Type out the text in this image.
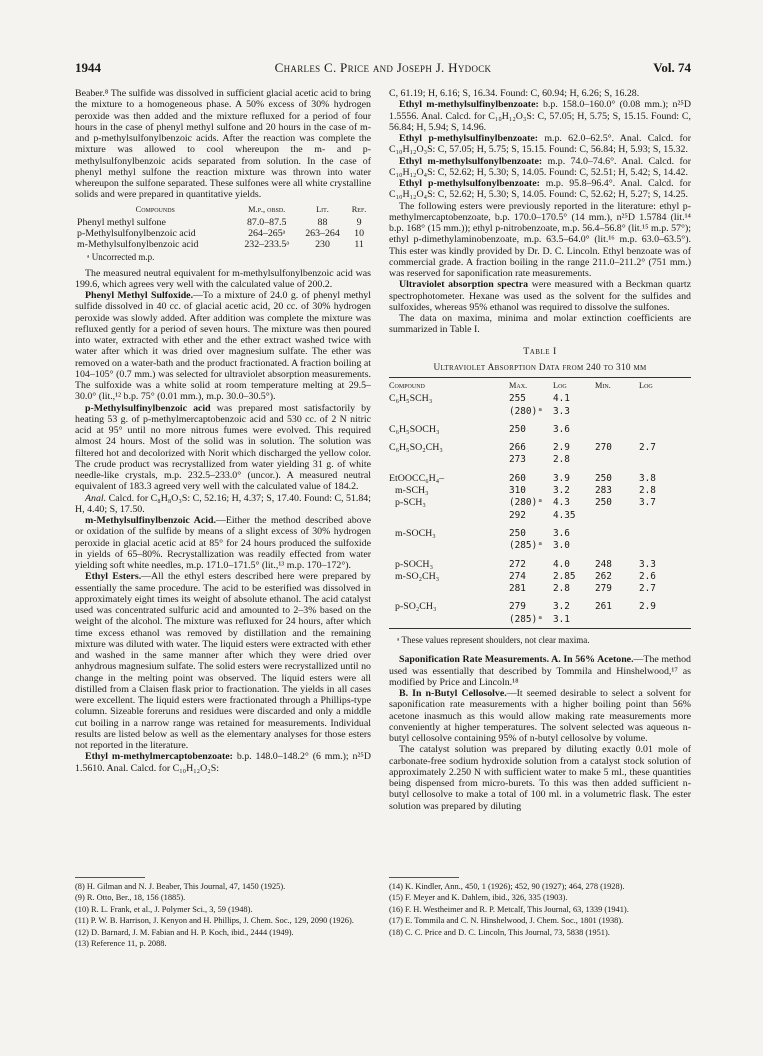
1944	Charles C. Price and Joseph J. Hydock	Vol. 74

Beaber.⁸ The sulfide was dissolved in sufficient glacial acetic acid to bring the mixture to a homogeneous phase. A 50% excess of 30% hydrogen peroxide was then added and the mixture refluxed for a period of four hours in the case of phenyl methyl sulfone and 20 hours in the case of m- and p-methylsulfonylbenzoic acids. After the reaction was complete the mixture was allowed to cool whereupon the m- and p-methylsulfonylbenzoic acids separated from solution. In the case of phenyl methyl sulfone the reaction mixture was thrown into water whereupon the sulfone separated. These sulfones were all white crystalline solids and were prepared in quantitative yields.

Compounds	M.p., obsd.	Lit.	Ref.
Phenyl methyl sulfone	87.0–87.5	88	9
p-Methylsulfonylbenzoic acid	264–265ᵃ	263–264	10
m-Methylsulfonylbenzoic acid	232–233.5ᵃ	230	11
ᵃ Uncorrected m.p.

The measured neutral equivalent for m-methylsulfonylbenzoic acid was 199.6, which agrees very well with the calculated value of 200.2.

Phenyl Methyl Sulfoxide.—To a mixture of 24.0 g. of phenyl methyl sulfide dissolved in 40 cc. of glacial acetic acid, 20 cc. of 30% hydrogen peroxide was slowly added. After addition was complete the mixture was refluxed gently for a period of seven hours. The mixture was then poured into water, extracted with ether and the ether extract washed twice with water after which it was dried over magnesium sulfate. The ether was removed on a water-bath and the product fractionated. A fraction boiling at 104–105° (0.7 mm.) was selected for ultraviolet absorption measurements. The sulfoxide was a white solid at room temperature melting at 29.5–30.0° (lit.,¹² b.p. 75° (0.01 mm.), m.p. 30.0–30.5°).

p-Methylsulfinylbenzoic acid was prepared most satisfactorily by heating 53 g. of p-methylmercaptobenzoic acid and 530 cc. of 2 N nitric acid at 95° until no more nitrous fumes were evolved. This required almost 24 hours. Most of the solid was in solution. The solution was filtered hot and decolorized with Norit which discharged the yellow color. The crude product was recrystallized from water yielding 31 g. of white needle-like crystals, m.p. 232.5–233.0° (uncor.). A measured neutral equivalent of 183.3 agreed very well with the calculated value of 184.2.

Anal. Calcd. for C₈H₈O₃S: C, 52.16; H, 4.37; S, 17.40. Found: C, 51.84; H, 4.40; S, 17.50.

m-Methylsulfinylbenzoic Acid.—Either the method described above or oxidation of the sulfide by means of a slight excess of 30% hydrogen peroxide in glacial acetic acid at 85° for 24 hours produced the sulfoxide in yields of 65–80%. Recrystallization was readily effected from water yielding soft white needles, m.p. 171.0–171.5° (lit.,¹³ m.p. 170–172°).

Ethyl Esters.—All the ethyl esters described here were prepared by essentially the same procedure. The acid to be esterified was dissolved in approximately eight times its weight of absolute ethanol. The acid catalyst used was concentrated sulfuric acid and amounted to 2–3% based on the weight of the alcohol. The mixture was refluxed for 24 hours, after which time excess ethanol was removed by distillation and the remaining mixture was diluted with water. The liquid esters were extracted with ether and washed in the same manner after which they were dried over anhydrous magnesium sulfate. The solid esters were recrystallized until no change in the melting point was observed. The liquid esters were all distilled from a Claisen flask prior to fractionation. The yields in all cases were excellent. The liquid esters were fractionated through a Phillips-type column. Sizeable foreruns and residues were discarded and only a middle cut boiling in a narrow range was retained for measurements. Individual results are listed below as well as the elementary analyses for those esters not reported in the literature.

Ethyl m-methylmercaptobenzoate: b.p. 148.0–148.2° (6 mm.); n²⁵D 1.5610. Anal. Calcd. for C₁₀H₁₂O₂S:

C, 61.19; H, 6.16; S, 16.34. Found: C, 60.94; H, 6.26; S, 16.28.

Ethyl m-methylsulfinylbenzoate: b.p. 158.0–160.0° (0.08 mm.); n²⁵D 1.5556. Anal. Calcd. for C₁₀H₁₂O₃S: C, 57.05; H, 5.75; S, 15.15. Found: C, 56.84; H, 5.94; S, 14.96.

Ethyl p-methylsulfinylbenzoate: m.p. 62.0–62.5°. Anal. Calcd. for C₁₀H₁₂O₃S: C, 57.05; H, 5.75; S, 15.15. Found: C, 56.84; H, 5.93; S, 15.32.

Ethyl m-methylsulfonylbenzoate: m.p. 74.0–74.6°. Anal. Calcd. for C₁₀H₁₂O₄S: C, 52.62; H, 5.30; S, 14.05. Found: C, 52.51; H, 5.42; S, 14.42.

Ethyl p-methylsulfonylbenzoate: m.p. 95.8–96.4°. Anal. Calcd. for C₁₀H₁₂O₄S: C, 52.62; H, 5.30; S, 14.05. Found: C, 52.62; H, 5.27; S, 14.25.

The following esters were previously reported in the literature: ethyl p-methylmercaptobenzoate, b.p. 170.0–170.5° (14 mm.), n²⁵D 1.5784 (lit.¹⁴ b.p. 168° (15 mm.)); ethyl p-nitrobenzoate, m.p. 56.4–56.8° (lit.¹⁵ m.p. 57°); ethyl p-dimethylaminobenzoate, m.p. 63.5–64.0° (lit.¹⁶ m.p. 63.0–63.5°). This ester was kindly provided by Dr. D. C. Lincoln. Ethyl benzoate was of commercial grade. A fraction boiling in the range 211.0–211.2° (751 mm.) was reserved for saponification rate measurements.

Ultraviolet absorption spectra were measured with a Beckman quartz spectrophotometer. Hexane was used as the solvent for the sulfides and sulfoxides, whereas 95% ethanol was required to dissolve the sulfones.

The data on maxima, minima and molar extinction coefficients are summarized in Table I.

Table I
Ultraviolet Absorption Data from 240 to 310 mμ
Compound	Max.	Log	Min.	Log
C₆H₅SCH₃	255	4.1		
	(280)ᵃ	3.3		
C₆H₅SOCH₃	250	3.6		
C₆H₅SO₂CH₃	266	2.9	270	2.7
	273	2.8		
EtOOCC₆H₄–	260	3.9	250	3.8
m-SCH₃	310	3.2	283	2.8
p-SCH₃	(280)ᵃ	4.3	250	3.7
	292	4.35		
m-SOCH₃	250	3.6		
	(285)ᵃ	3.0		
p-SOCH₃	272	4.0	248	3.3
m-SO₂CH₃	274	2.85	262	2.6
	281	2.8	279	2.7
p-SO₂CH₃	279	3.2	261	2.9
	(285)ᵃ	3.1		
ᵃ These values represent shoulders, not clear maxima.

Saponification Rate Measurements. A. In 56% Acetone.—The method used was essentially that described by Tommila and Hinshelwood,¹⁷ as modified by Price and Lincoln.¹⁸

B. In n-Butyl Cellosolve.—It seemed desirable to select a solvent for saponification rate measurements with a higher boiling point than 56% acetone inasmuch as this would allow making rate measurements more conveniently at higher temperatures. The solvent selected was aqueous n-butyl cellosolve containing 95% of n-butyl cellosolve by volume.

The catalyst solution was prepared by diluting exactly 0.01 mole of carbonate-free sodium hydroxide solution from a catalyst stock solution of approximately 2.250 N with sufficient water to make 5 ml., these quantities being dispensed from micro-burets. To this was then added sufficient n-butyl cellosolve to make a total of 100 ml. in a volumetric flask. The ester solution was prepared by diluting

(8) H. Gilman and N. J. Beaber, This Journal, 47, 1450 (1925).
(9) R. Otto, Ber., 18, 156 (1885).
(10) R. L. Frank, et al., J. Polymer Sci., 3, 59 (1948).
(11) P. W. B. Harrison, J. Kenyon and H. Phillips, J. Chem. Soc., 129, 2090 (1926).
(12) D. Barnard, J. M. Fabian and H. P. Koch, ibid., 2444 (1949).
(13) Reference 11, p. 2088.
(14) K. Kindler, Ann., 450, 1 (1926); 452, 90 (1927); 464, 278 (1928).
(15) F. Meyer and K. Dahlem, ibid., 326, 335 (1903).
(16) F. H. Westheimer and R. P. Metcalf, This Journal, 63, 1339 (1941).
(17) E. Tommila and C. N. Hinshelwood, J. Chem. Soc., 1801 (1938).
(18) C. C. Price and D. C. Lincoln, This Journal, 73, 5838 (1951).
